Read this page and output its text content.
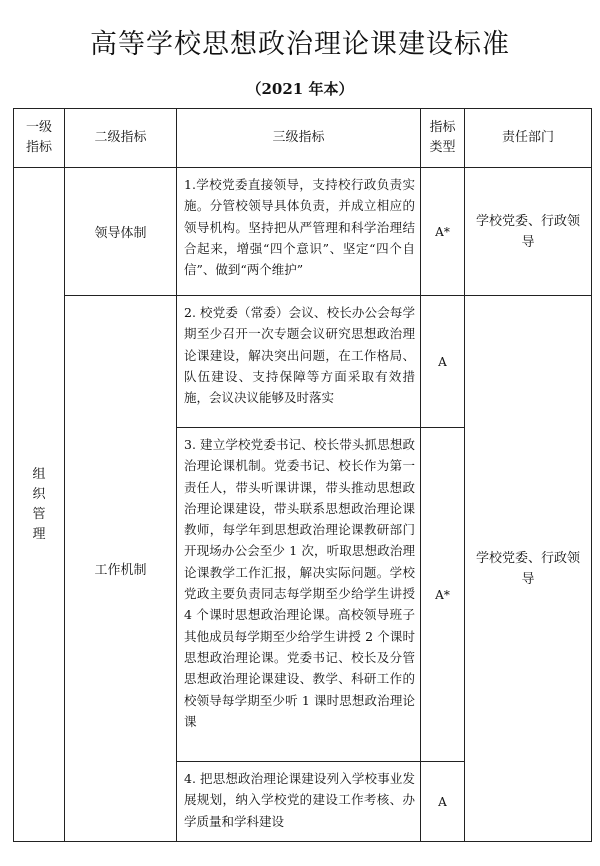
高等学校思想政治理论课建设标准
（2021 年本）
一级指标	二级指标	三级指标	指标类型	责任部门
组织管理	领导体制	1.学校党委直接领导，支持校行政负责实施。分管校领导具体负责，并成立相应的领导机构。坚持把从严管理和科学治理结合起来，增强“四个意识”、坚定“四个自信”、做到“两个维护”	A*	学校党委、行政领导
	工作机制	2. 校党委（常委）会议、校长办公会每学期至少召开一次专题会议研究思想政治理论课建设，解决突出问题，在工作格局、队伍建设、支持保障等方面采取有效措施，会议决议能够及时落实	A	学校党委、行政领导
		3. 建立学校党委书记、校长带头抓思想政治理论课机制。党委书记、校长作为第一责任人，带头听课讲课，带头推动思想政治理论课建设，带头联系思想政治理论课教师，每学年到思想政治理论课教研部门开现场办公会至少 1 次，听取思想政治理论课教学工作汇报，解决实际问题。学校党政主要负责同志每学期至少给学生讲授 4 个课时思想政治理论课。高校领导班子其他成员每学期至少给学生讲授 2 个课时思想政治理论课。党委书记、校长及分管思想政治理论课建设、教学、科研工作的校领导每学期至少听 1 课时思想政治理论课	A*	
		4. 把思想政治理论课建设列入学校事业发展规划，纳入学校党的建设工作考核、办学质量和学科建设	A	
